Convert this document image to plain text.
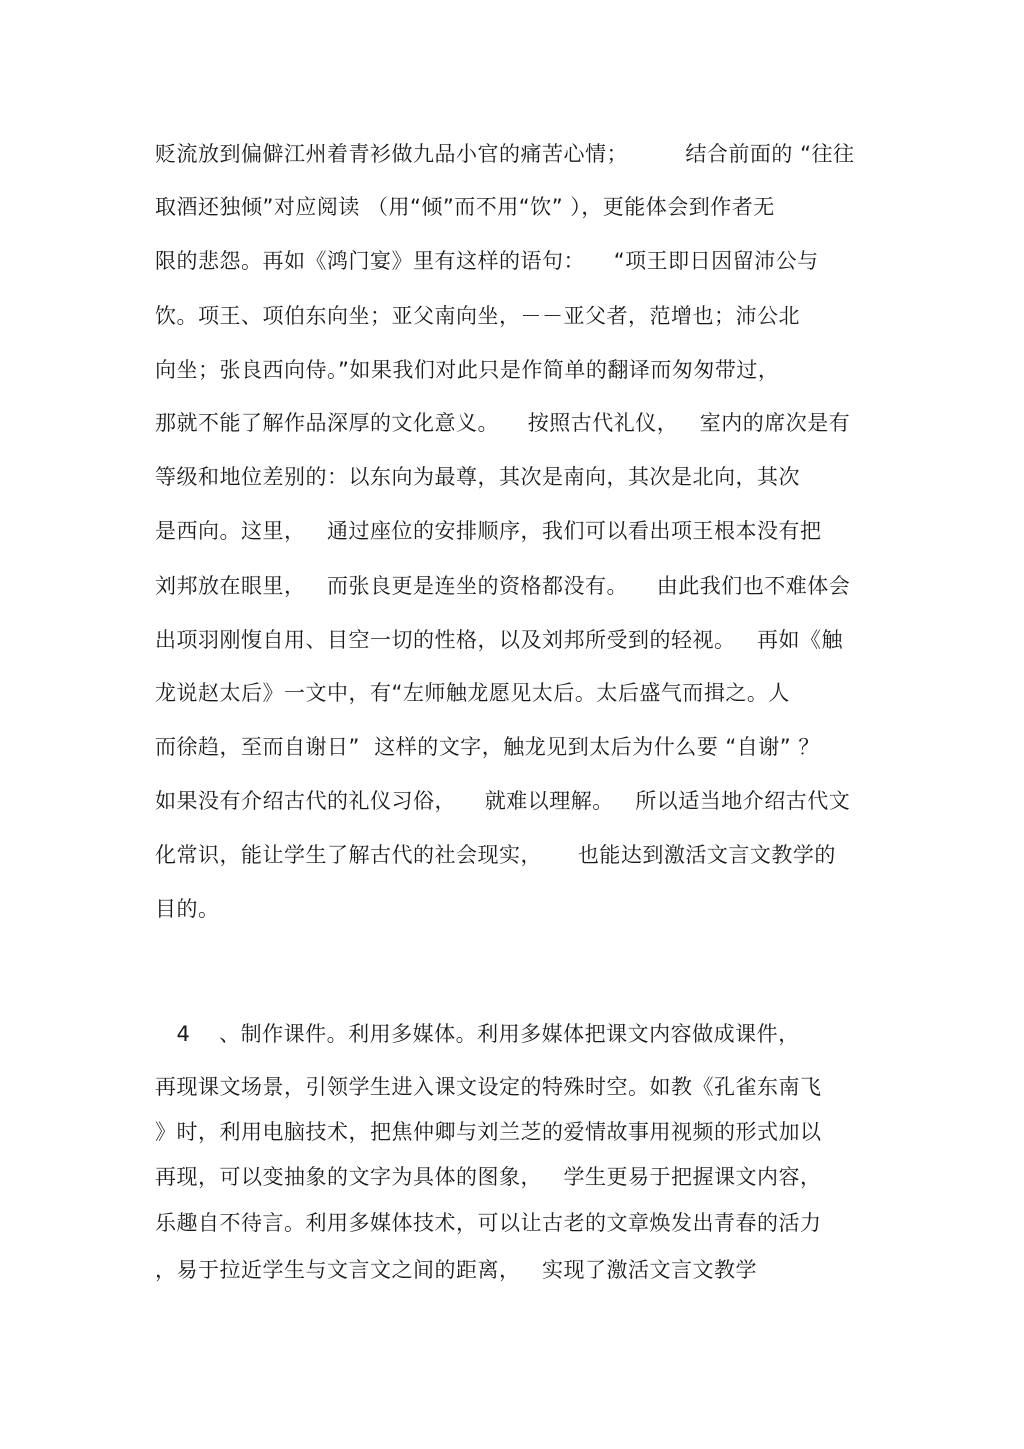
贬流放到偏僻江州着青衫做九品小官的痛苦心情；        结合前面的 “往往
取酒还独倾”对应阅读 （用“倾”而不用“饮” ），更能体会到作者无
限的悲怨。再如《鸿门宴》里有这样的语句：    “项王即日因留沛公与
饮。项王、项伯东向坐；亚父南向坐，－－亚父者，范增也；沛公北
向坐；张良西向侍。”如果我们对此只是作简单的翻译而匆匆带过，
那就不能了解作品深厚的文化意义。    按照古代礼仪，   室内的席次是有
等级和地位差别的：以东向为最尊，其次是南向，其次是北向，其次
是西向。这里，   通过座位的安排顺序，我们可以看出项王根本没有把
刘邦放在眼里，   而张良更是连坐的资格都没有。    由此我们也不难体会
出项羽刚愎自用、目空一切的性格，以及刘邦所受到的轻视。   再如《触
龙说赵太后》一文中，有“左师触龙愿见太后。太后盛气而揖之。人
而徐趋，至而自谢日”  这样的文字，触龙见到太后为什么要 “自谢” ？
如果没有介绍古代的礼仪习俗，    就难以理解。   所以适当地介绍古代文
化常识，能让学生了解古代的社会现实，     也能达到激活文言文教学的
目的。
4    、制作课件。利用多媒体。利用多媒体把课文内容做成课件，
再现课文场景，引领学生进入课文设定的特殊时空。如教《孔雀东南飞
》时，利用电脑技术，把焦仲卿与刘兰芝的爱情故事用视频的形式加以
再现，可以变抽象的文字为具体的图象，   学生更易于把握课文内容，
乐趣自不待言。利用多媒体技术，可以让古老的文章焕发出青春的活力
，易于拉近学生与文言文之间的距离，   实现了激活文言文教学
